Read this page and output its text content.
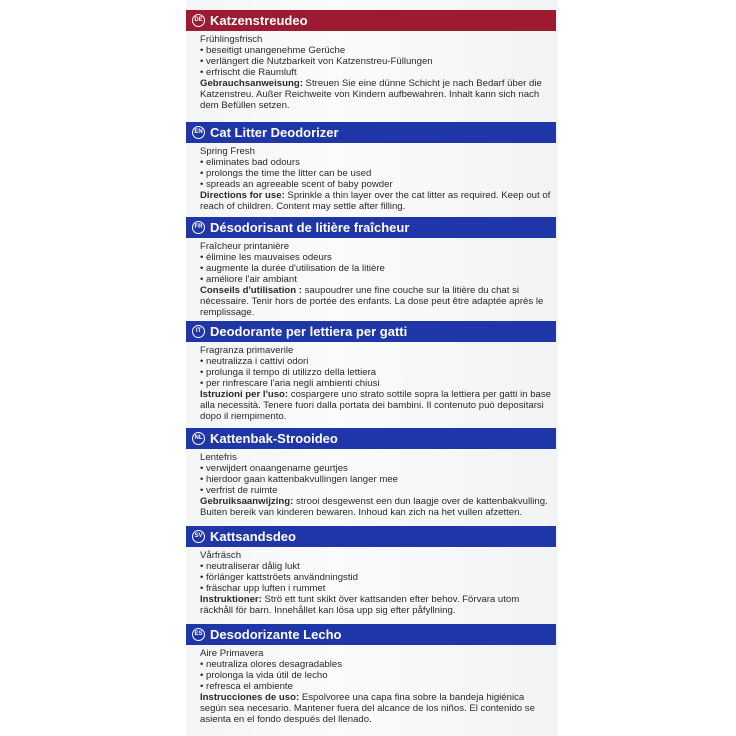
DE Katzenstreudeo

Frühlingsfrisch

• beseitigt unangenehme Gerüche
• verlängert die Nutzbarkeit von Katzenstreu-Füllungen
• erfrischt die Raumluft

Gebrauchsanweisung: Streuen Sie eine dünne Schicht je nach Bedarf über die Katzenstreu. Außer Reichweite von Kindern aufbewahren. Inhalt kann sich nach dem Befüllen setzen.

EN Cat Litter Deodorizer

Spring Fresh

• eliminates bad odours
• prolongs the time the litter can be used
• spreads an agreeable scent of baby powder

Directions for use: Sprinkle a thin layer over the cat litter as required. Keep out of reach of children. Content may settle after filling.

FR Désodorisant de litière fraîcheur

Fraîcheur printanière

• élimine les mauvaises odeurs
• augmente la durée d'utilisation de la litière
• améliore l'air ambiant

Conseils d'utilisation : saupoudrer une fine couche sur la litière du chat si nécessaire. Tenir hors de portée des enfants. La dose peut être adaptée après le remplissage.

IT Deodorante per lettiera per gatti

Fragranza primaverile

• neutralizza i cattivi odori
• prolunga il tempo di utilizzo della lettiera
• per rinfrescare l'aria negli ambienti chiusi

Istruzioni per l'uso: cospargere uno strato sottile sopra la lettiera per gatti in base alla necessità. Tenere fuori dalla portata dei bambini. Il contenuto può depositarsi dopo il riempimento.

NL Kattenbak-Strooideo

Lentefris

• verwijdert onaangename geurtjes
• hierdoor gaan kattenbakvullingen langer mee
• verfrist de ruimte

Gebruiksaanwijzing: strooi desgewenst een dun laagje over de kattenbakvulling. Buiten bereik van kinderen bewaren. Inhoud kan zich na het vullen afzetten.

SV Kattsandsdeo

Vårfräsch

• neutraliserar dålig lukt
• förlänger kattströets användningstid
• fräschar upp luften i rummet

Instruktioner: Strö ett tunt skikt över kattsanden efter behov. Förvara utom räckhåll för barn. Innehållet kan lösa upp sig efter påfyllning.

ES Desodorizante Lecho

Aire Primavera

• neutraliza olores desagradables
• prolonga la vida útil de lecho
• refresca el ambiente

Instrucciones de uso: Espolvoree una capa fina sobre la bandeja higiénica según sea necesario. Mantener fuera del alcance de los niños. El contenido se asienta en el fondo después del llenado.
